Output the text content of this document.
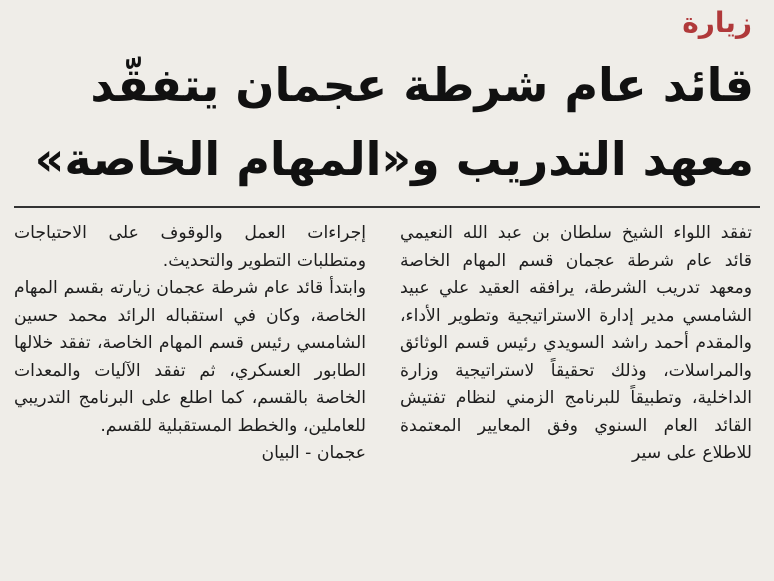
زيارة
قائد عام شرطة عجمان يتفقّد معهد التدريب و«المهام الخاصة»

تفقد اللواء الشيخ سلطان بن عبد الله النعيمي قائد عام شرطة عجمان قسم المهام الخاصة ومعهد تدريب الشرطة، يرافقه العقيد علي عبيد الشامسي مدير إدارة الاستراتيجية وتطوير الأداء، والمقدم أحمد راشد السويدي رئيس قسم الوثائق والمراسلات، وذلك تحقيقاً لاستراتيجية وزارة الداخلية، وتطبيقاً للبرنامج الزمني لنظام تفتيش القائد العام السنوي وفق المعايير المعتمدة للاطلاع على سير

إجراءات العمل والوقوف على الاحتياجات ومتطلبات التطوير والتحديث.

وابتدأ قائد عام شرطة عجمان زيارته بقسم المهام الخاصة، وكان في استقباله الرائد محمد حسين الشامسي رئيس قسم المهام الخاصة، تفقد خلالها الطابور العسكري، ثم تفقد الآليات والمعدات الخاصة بالقسم، كما اطلع على البرنامج التدريبي للعاملين، والخطط المستقبلية للقسم.

عجمان - البيان
